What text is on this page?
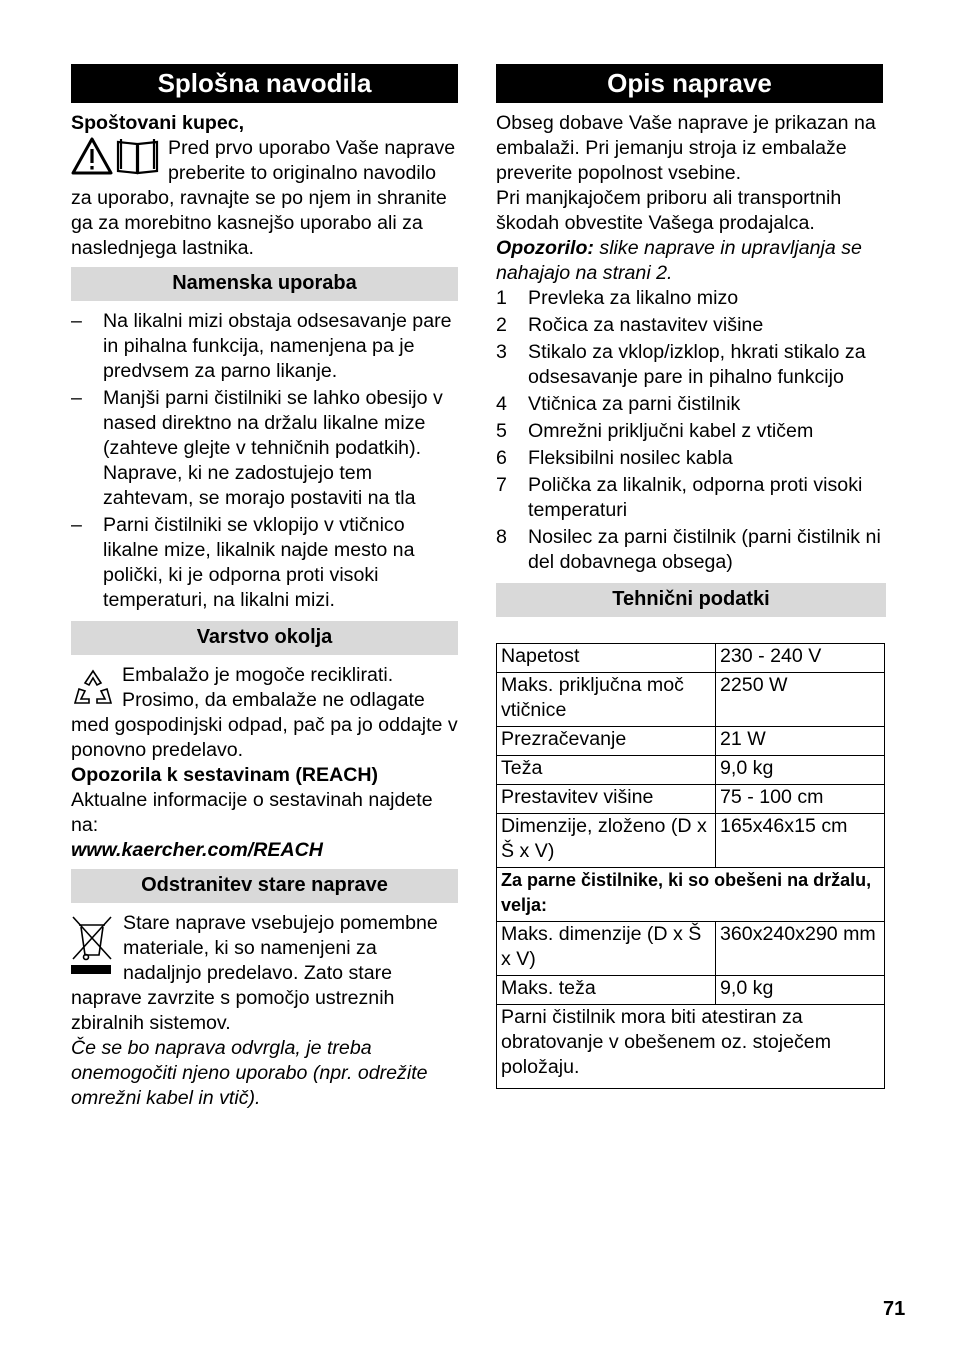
Splošna navodila

Spoštovani kupec,

Pred prvo uporabo Vaše naprave preberite to originalno navodilo za uporabo, ravnajte se po njem in shranite ga za morebitno kasnejšo uporabo ali za naslednjega lastnika.

Namenska uporaba
– Na likalni mizi obstaja odsesavanje pare in pihalna funkcija, namenjena pa je predvsem za parno likanje.
– Manjši parni čistilniki se lahko obesijo v nased direktno na držalu likalne mize (zahteve glejte v tehničnih podatkih). Naprave, ki ne zadostujejo tem zahtevam, se morajo postaviti na tla
– Parni čistilniki se vklopijo v vtičnico likalne mize, likalnik najde mesto na polički, ki je odporna proti visoki temperaturi, na likalni mizi.
Varstvo okolja

Embalažo je mogoče reciklirati. Prosimo, da embalaže ne odlagate med gospodinjski odpad, pač pa jo oddajte v ponovno predelavo.

Opozorila k sestavinam (REACH)

Aktualne informacije o sestavinah najdete na:

www.kaercher.com/REACH

Odstranitev stare naprave

Stare naprave vsebujejo pomembne materiale, ki so namenjeni za nadaljnjo predelavo. Zato stare naprave zavrzite s pomočjo ustreznih zbiralnih sistemov.

Če se bo naprava odvrgla, je treba onemogočiti njeno uporabo (npr. odrežite omrežni kabel in vtič).

Opis naprave

Obseg dobave Vaše naprave je prikazan na embalaži. Pri jemanju stroja iz embalaže preverite popolnost vsebine.

Pri manjkajočem priboru ali transportnih škodah obvestite Vašega prodajalca.

Opozorilo: slike naprave in upravljanja se nahajajo na strani 2.

1 Prevleka za likalno mizo
2 Ročica za nastavitev višine
3 Stikalo za vklop/izklop, hkrati stikalo za odsesavanje pare in pihalno funkcijo
4 Vtičnica za parni čistilnik
5 Omrežni priključni kabel z vtičem
6 Fleksibilni nosilec kabla
7 Polička za likalnik, odporna proti visoki temperaturi
8 Nosilec za parni čistilnik (parni čistilnik ni del dobavnega obsega)
Tehnični podatki
Napetost	230 - 240 V
Maks. priključna moč vtičnice	2250 W
Prezračevanje	21 W
Teža	9,0 kg
Prestavitev višine	75 - 100 cm
Dimenzije, zloženo (D x Š x V)	165x46x15 cm
Za parne čistilnike, ki so obešeni na držalu, velja:	
Maks. dimenzije (D x Š x V)	360x240x290 mm
Maks. teža	9,0 kg
Parni čistilnik mora biti atestiran za obratovanje v obešenem oz. stoječem položaju.	
71
